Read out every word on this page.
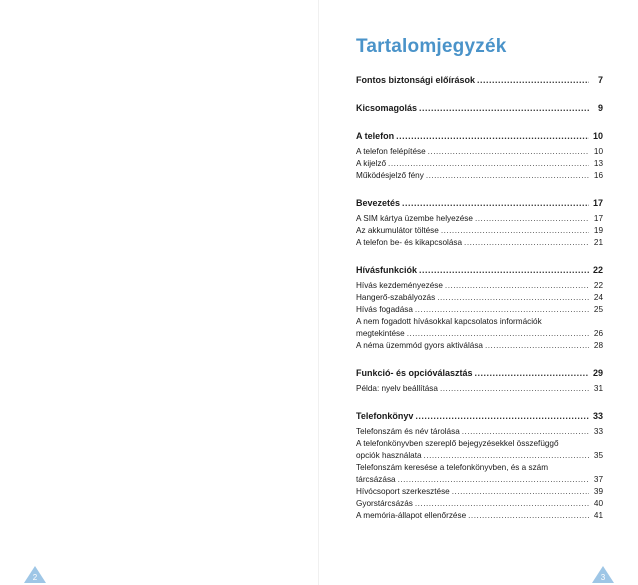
Tartalomjegyzék
Fontos biztonsági előírások .....	7
Kicsomagolás .....	9
A telefon .....	10
A telefon felépítése .....	10
A kijelző .....	13
Működésjelző fény .....	16
Bevezetés .....	17
A SIM kártya üzembe helyezése .....	17
Az akkumulátor töltése .....	19
A telefon be- és kikapcsolása .....	21
Hívásfunkciók .....	22
Hívás kezdeményezése .....	22
Hangerő-szabályozás .....	24
Hívás fogadása .....	25
A nem fogadott hívásokkal kapcsolatos információk
megtekintése .....	26
A néma üzemmód gyors aktiválása .....	28
Funkció- és opcióválasztás .....	29
Példa: nyelv beállítása .....	31
Telefonkönyv .....	33
Telefonszám és név tárolása .....	33
A telefonkönyvben szereplő bejegyzésekkel összefüggő
opciók használata .....	35
Telefonszám keresése a telefonkönyvben, és a szám
tárcsázása .....	37
Hívócsoport szerkesztése .....	39
Gyorstárcsázás .....	40
A memória-állapot ellenőrzése .....	41
2	3
